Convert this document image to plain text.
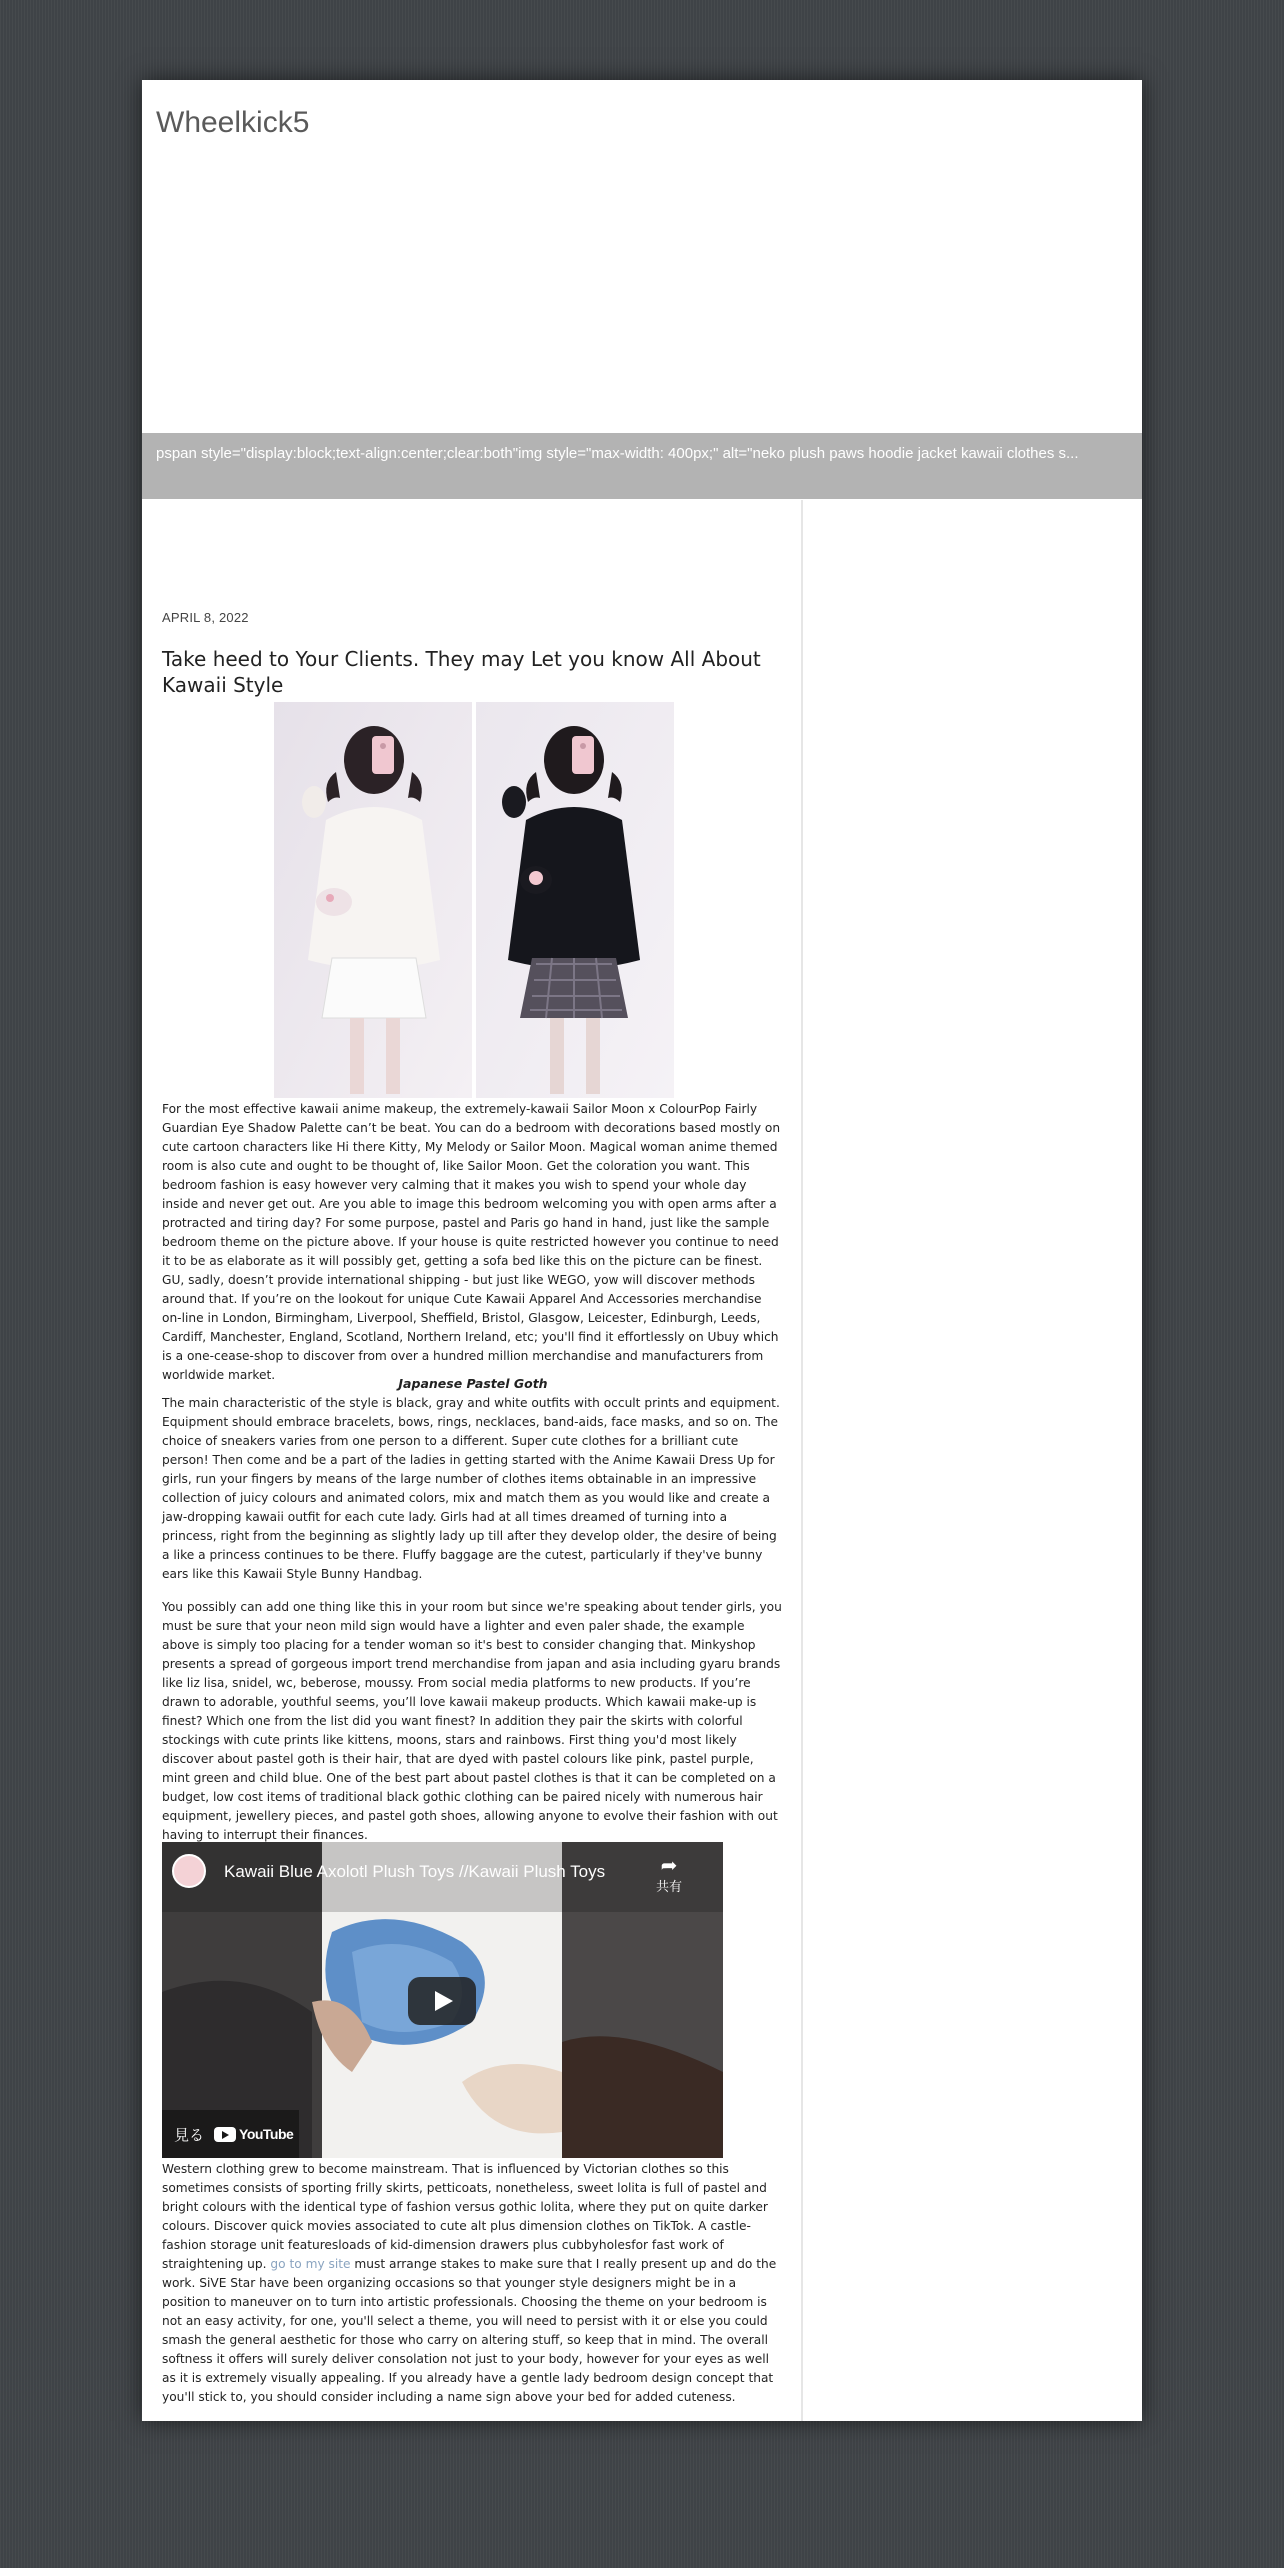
Wheelkick5
pspan style="display:block;text-align:center;clear:both"img style="max-width: 400px;" alt="neko plush paws hoodie jacket kawaii clothes s...
APRIL 8, 2022
Take heed to Your Clients. They may Let you know All About Kawaii Style

For the most effective kawaii anime makeup, the extremely-kawaii Sailor Moon x ColourPop Fairly Guardian Eye Shadow Palette can’t be beat. You can do a bedroom with decorations based mostly on cute cartoon characters like Hi there Kitty, My Melody or Sailor Moon. Magical woman anime themed room is also cute and ought to be thought of, like Sailor Moon. Get the coloration you want. This bedroom fashion is easy however very calming that it makes you wish to spend your whole day inside and never get out. Are you able to image this bedroom welcoming you with open arms after a protracted and tiring day? For some purpose, pastel and Paris go hand in hand, just like the sample bedroom theme on the picture above. If your house is quite restricted however you continue to need it to be as elaborate as it will possibly get, getting a sofa bed like this on the picture can be finest. GU, sadly, doesn’t provide international shipping - but just like WEGO, yow will discover methods around that. If you’re on the lookout for unique Cute Kawaii Apparel And Accessories merchandise on-line in London, Birmingham, Liverpool, Sheffield, Bristol, Glasgow, Leicester, Edinburgh, Leeds, Cardiff, Manchester, England, Scotland, Northern Ireland, etc; you'll find it effortlessly on Ubuy which is a one-cease-shop to discover from over a hundred million merchandise and manufacturers from worldwide market.

Japanese Pastel Goth

The main characteristic of the style is black, gray and white outfits with occult prints and equipment. Equipment should embrace bracelets, bows, rings, necklaces, band-aids, face masks, and so on. The choice of sneakers varies from one person to a different. Super cute clothes for a brilliant cute person! Then come and be a part of the ladies in getting started with the Anime Kawaii Dress Up for girls, run your fingers by means of the large number of clothes items obtainable in an impressive collection of juicy colours and animated colors, mix and match them as you would like and create a jaw-dropping kawaii outfit for each cute lady. Girls had at all times dreamed of turning into a princess, right from the beginning as slightly lady up till after they develop older, the desire of being a like a princess continues to be there. Fluffy baggage are the cutest, particularly if they've bunny ears like this Kawaii Style Bunny Handbag.

You possibly can add one thing like this in your room but since we're speaking about tender girls, you must be sure that your neon mild sign would have a lighter and even paler shade, the example above is simply too placing for a tender woman so it's best to consider changing that. Minkyshop presents a spread of gorgeous import trend merchandise from japan and asia including gyaru brands like liz lisa, snidel, wc, beberose, moussy. From social media platforms to new products. If you’re drawn to adorable, youthful seems, you’ll love kawaii makeup products. Which kawaii make-up is finest? Which one from the list did you want finest? In addition they pair the skirts with colorful stockings with cute prints like kittens, moons, stars and rainbows. First thing you'd most likely discover about pastel goth is their hair, that are dyed with pastel colours like pink, pastel purple, mint green and child blue. One of the best part about pastel clothes is that it can be completed on a budget, low cost items of traditional black gothic clothing can be paired nicely with numerous hair equipment, jewellery pieces, and pastel goth shoes, allowing anyone to evolve their fashion with out having to interrupt their finances.

Kawaii Blue Axolotl Plush Toys //Kawaii Plush Toys	➦
共有
見る	YouTube

Western clothing grew to become mainstream. That is influenced by Victorian clothes so this sometimes consists of sporting frilly skirts, petticoats, nonetheless, sweet lolita is full of pastel and bright colours with the identical type of fashion versus gothic lolita, where they put on quite darker colours. Discover quick movies associated to cute alt plus dimension clothes on TikTok. A castle-fashion storage unit featuresloads of kid-dimension drawers plus cubbyholesfor fast work of straightening up. go to my site must arrange stakes to make sure that I really present up and do the work. SiVE Star have been organizing occasions so that younger style designers might be in a position to maneuver on to turn into artistic professionals. Choosing the theme on your bedroom is not an easy activity, for one, you'll select a theme, you will need to persist with it or else you could smash the general aesthetic for those who carry on altering stuff, so keep that in mind. The overall softness it offers will surely deliver consolation not just to your body, however for your eyes as well as it is extremely visually appealing. If you already have a gentle lady bedroom design concept that you'll stick to, you should consider including a name sign above your bed for added cuteness.
